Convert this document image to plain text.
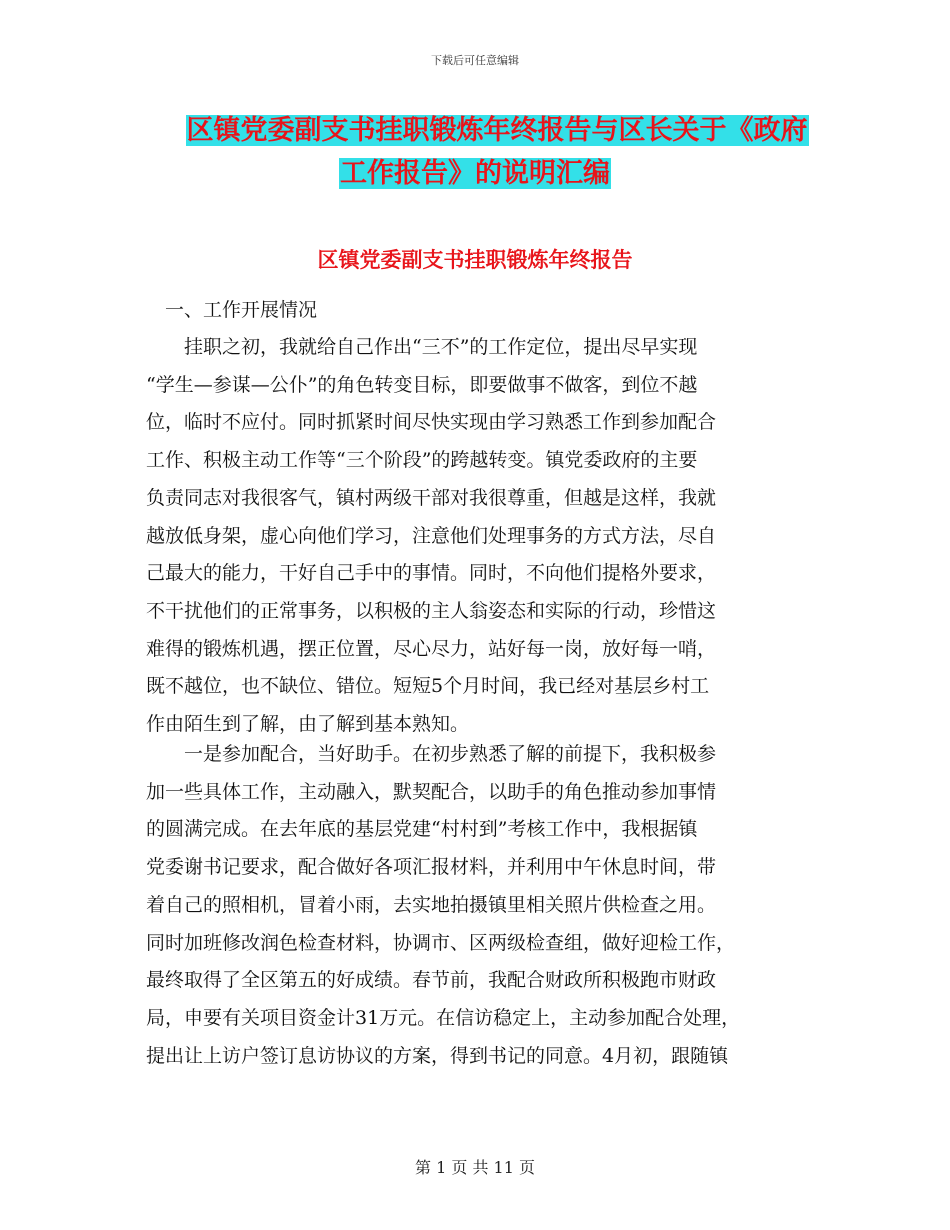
下载后可任意编辑
区镇党委副支书挂职锻炼年终报告与区长关于《政府
工作报告》的说明汇编
区镇党委副支书挂职锻炼年终报告
　一、工作开展情况
　　挂职之初，我就给自己作出“三不”的工作定位，提出尽早实现
“学生—参谋—公仆”的角色转变目标，即要做事不做客，到位不越
位，临时不应付。同时抓紧时间尽快实现由学习熟悉工作到参加配合
工作、积极主动工作等“三个阶段”的跨越转变。镇党委政府的主要
负责同志对我很客气，镇村两级干部对我很尊重，但越是这样，我就
越放低身架，虚心向他们学习，注意他们处理事务的方式方法，尽自
己最大的能力，干好自己手中的事情。同时，不向他们提格外要求，
不干扰他们的正常事务，以积极的主人翁姿态和实际的行动，珍惜这
难得的锻炼机遇，摆正位置，尽心尽力，站好每一岗，放好每一哨，
既不越位，也不缺位、错位。短短5个月时间，我已经对基层乡村工
作由陌生到了解，由了解到基本熟知。
　　一是参加配合，当好助手。在初步熟悉了解的前提下，我积极参
加一些具体工作，主动融入，默契配合，以助手的角色推动参加事情
的圆满完成。在去年底的基层党建“村村到”考核工作中，我根据镇
党委谢书记要求，配合做好各项汇报材料，并利用中午休息时间，带
着自己的照相机，冒着小雨，去实地拍摄镇里相关照片供检查之用。
同时加班修改润色检查材料，协调市、区两级检查组，做好迎检工作，
最终取得了全区第五的好成绩。春节前，我配合财政所积极跑市财政
局，申要有关项目资金计31万元。在信访稳定上，主动参加配合处理，
提出让上访户签订息访协议的方案，得到书记的同意。4月初，跟随镇
第 1 页 共 11 页
